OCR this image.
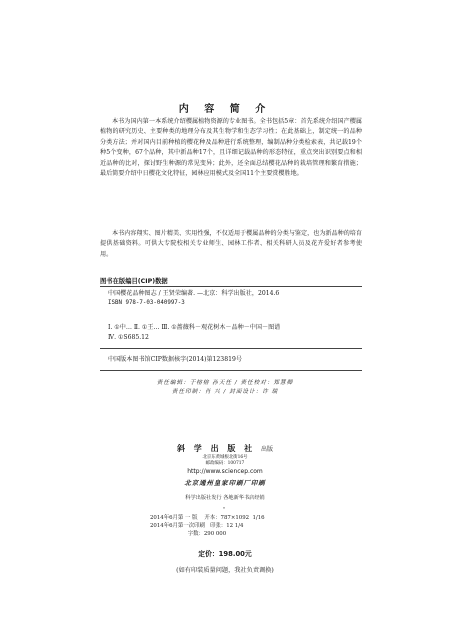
内 容 简 介

本书为国内第一本系统介绍樱属植物资源的专业图书。全书包括5章：首先系统介绍国产樱属植物的研究历史、主要种类的地理分布及其生物学和生态学习性；在此基础上，制定统一的品种分类方法；并对国内目前种植的樱花种及品种进行系统整理，编制品种分类检索表，共记载19个种5个变种，67个品种，其中新品种17个，且详细记载品种的形态特征，重点突出识别要点和相近品种的比对，探讨野生种源的常见变异；此外，还全面总结樱花品种的栽培管理和繁育措施；最后简要介绍中日樱花文化特征，园林应用模式及全国11个主要赏樱胜地。

本书内容翔实、图片精美、实用性强，不仅适用于樱属品种的分类与鉴定，也为新品种的培育提供基础资料。可供大专院校相关专业师生、园林工作者、相关科研人员及花卉爱好者参考使用。

图书在版编目(CIP)数据
中国樱花品种图志 / 王贤荣编著. —北京：科学出版社，2014.6
ISBN 978-7-03-040997-3
Ⅰ. ①中… Ⅱ. ①王… Ⅲ. ①蔷薇科－观花树木－品种－中国－图谱
Ⅳ. ①S685.12
中国版本图书馆CIP数据核字(2014)第123819号
责任编辑：于榕榕 孙天任 / 责任校对：郑慧卿
责任印制：肖 兴 / 封面设计：许 瑞
斜 学 出 版 社 出版
北京东黄城根北街16号
邮政编码：100717
http://www.sciencep.com
北京通州皇家印刷厂印刷
科学出版社发行 各地新华书店经销
*
2014年6月第 一 版    开本：787×1092  1/16
2014年6月第一次印刷   印张：12 1/4
字数：290 000
定价：198.00元
(如有印装质量问题，我社负责调换)
